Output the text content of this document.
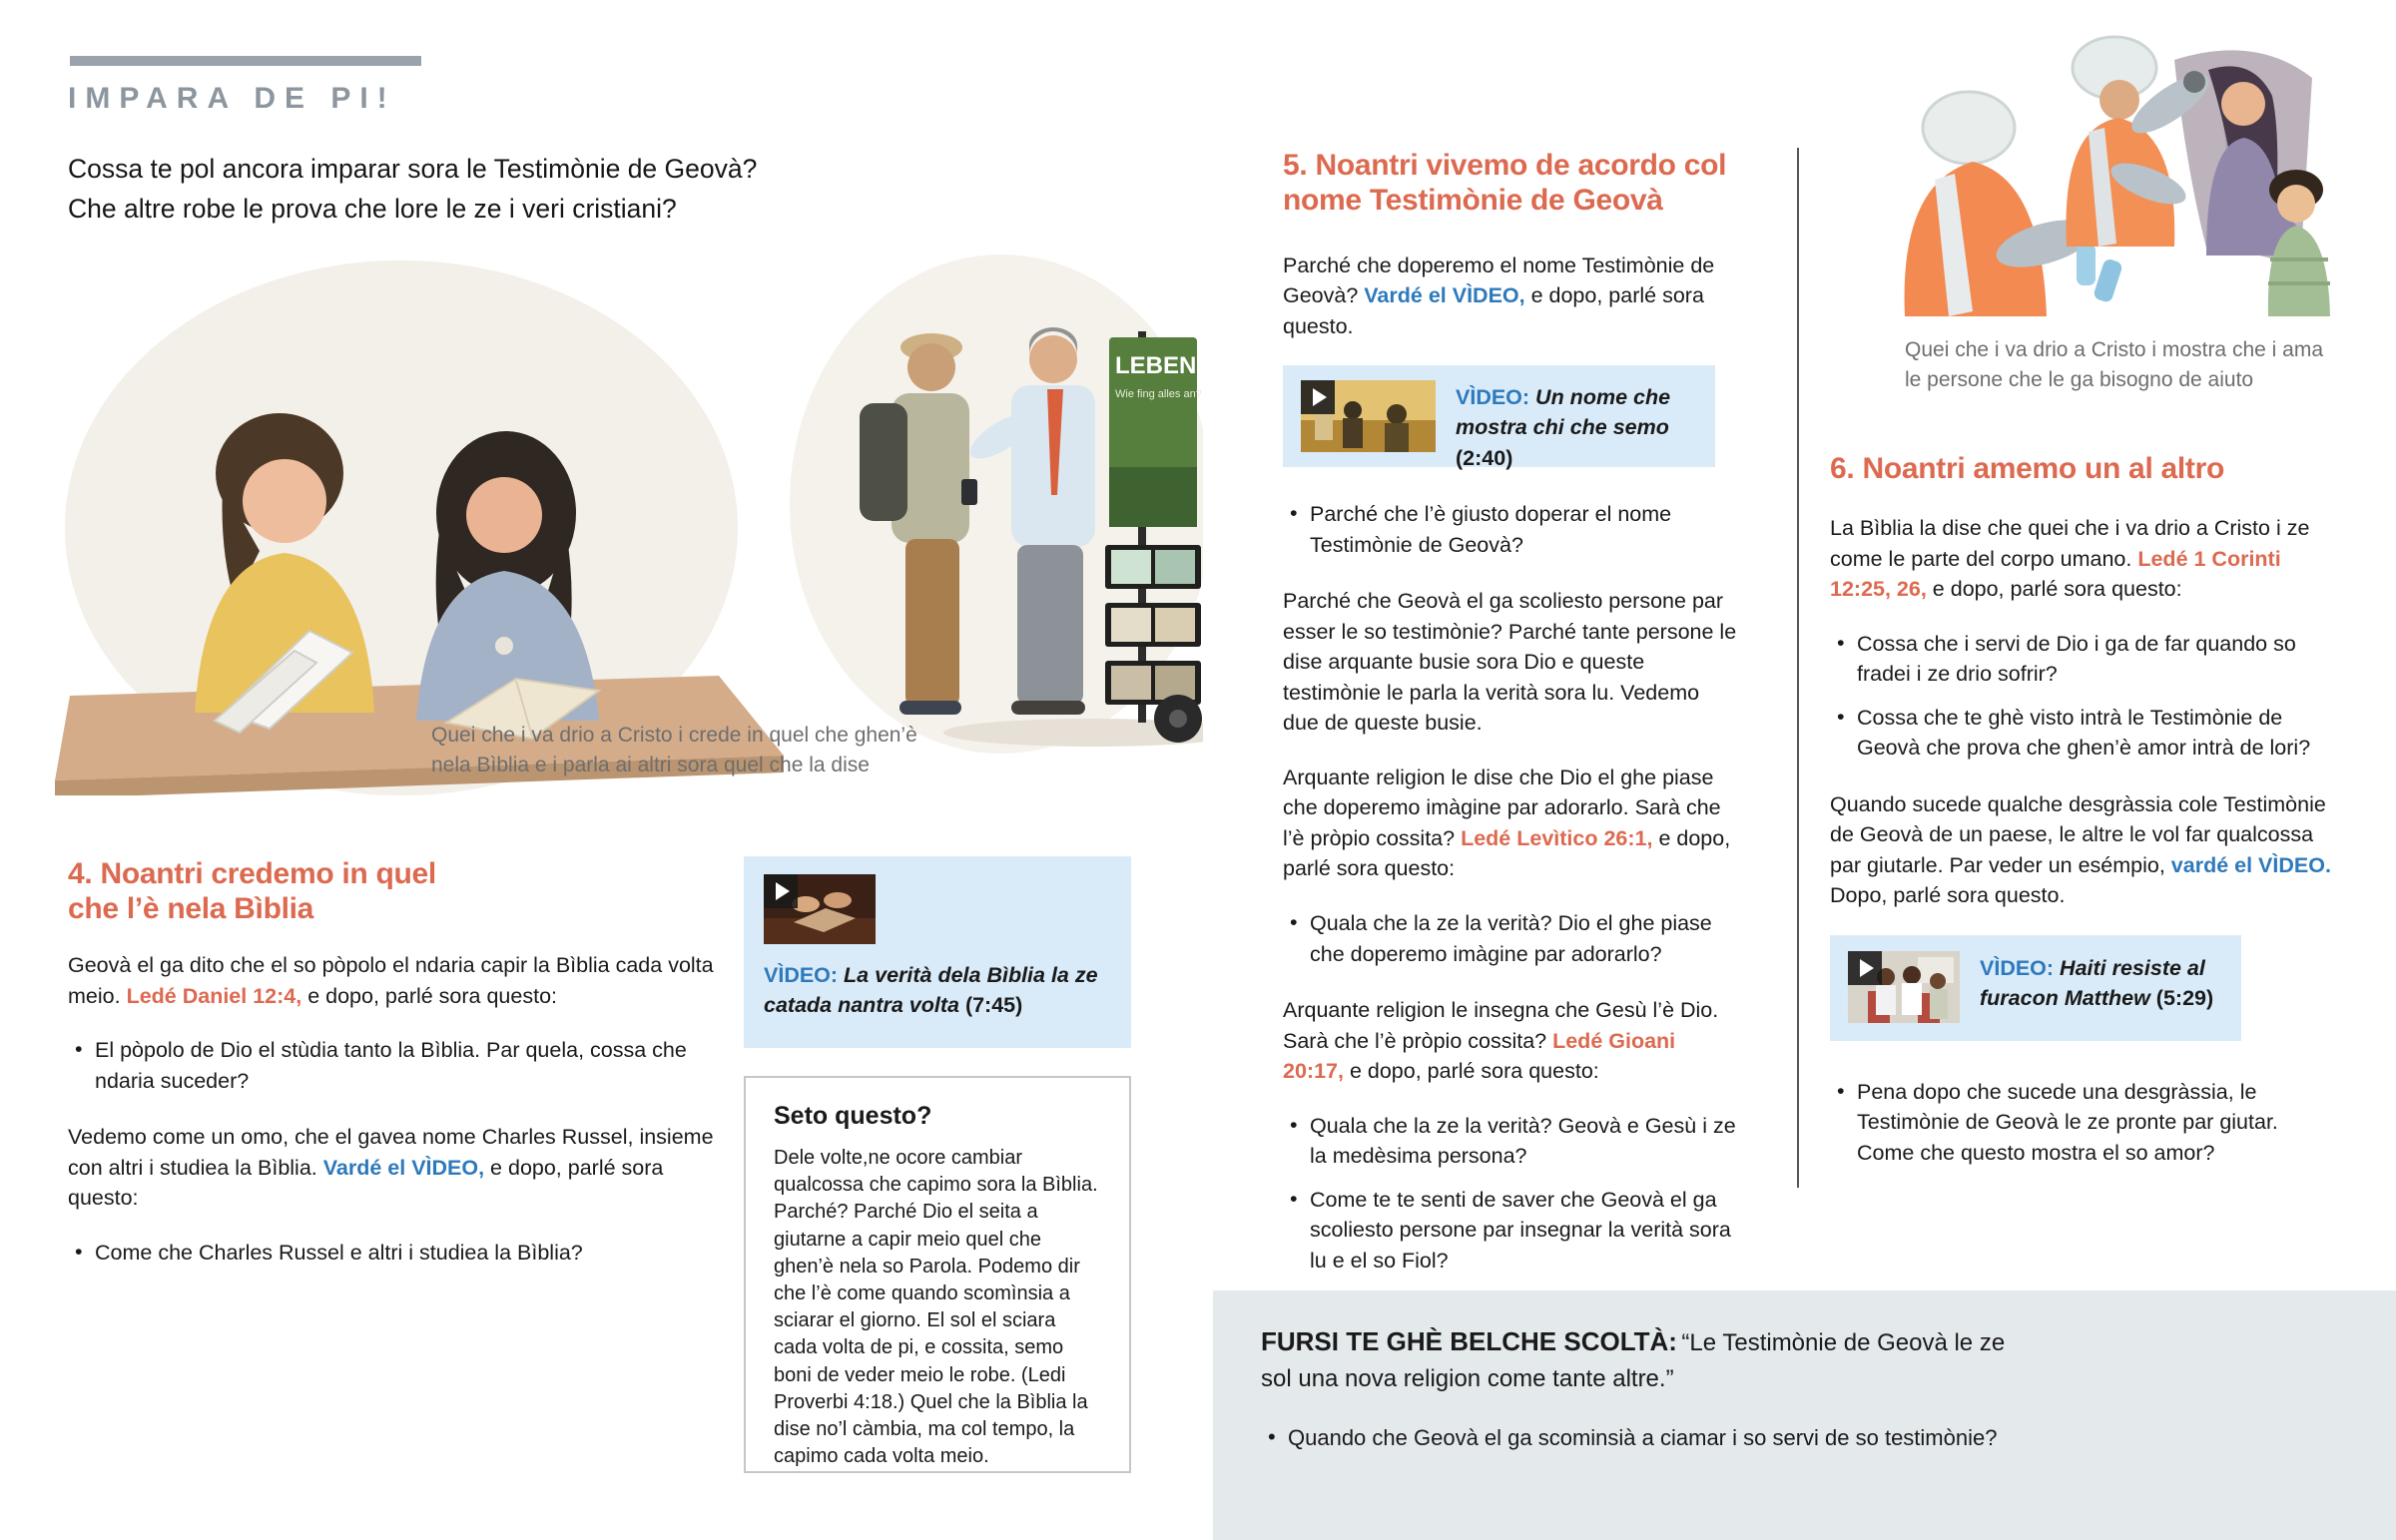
IMPARA DE PI!
Cossa te pol ancora imparar sora le Testimònie de Geovà?
Che altre robe le prova che lore le ze i veri cristiani?
LEBEN
Wie fing alles an?
Quei che i va drio a Cristo i crede in quel che ghen’è nela Bìblia e i parla ai altri sora quel che la dise
4. Noantri credemo in quel che l’è nela Bìblia

Geovà el ga dito che el so pòpolo el ndaria capir la Bìblia cada volta meio. Ledé Daniel 12:4, e dopo, parlé sora questo:

• El pòpolo de Dio el stùdia tanto la Bìblia. Par quela, cossa che ndaria suceder?

Vedemo come un omo, che el gavea nome Charles Russel, insieme con altri i studiea la Bìblia. Vardé el VÌDEO, e dopo, parlé sora questo:

• Come che Charles Russel e altri i studiea la Bìblia?
VÌDEO: La verità dela Bìblia la ze catada nantra volta (7:45)
Seto questo?
Dele volte,ne ocore cambiar qualcossa che capimo sora la Bìblia. Parché? Parché Dio el seita a giutarne a capir meio quel che ghen’è nela so Parola. Podemo dir che l’è come quando scomìnsia a sciarar el giorno. El sol el sciara cada volta de pi, e cossita, semo boni de veder meio le robe. (Ledi Proverbi 4:18.) Quel che la Bìblia la dise no’l càmbia, ma col tempo, la capimo cada volta meio.
5. Noantri vivemo de acordo col nome Testimònie de Geovà

Parché che doperemo el nome Testimònie de Geovà? Vardé el VÌDEO, e dopo, parlé sora questo.

VÌDEO: Un nome che mostra chi che semo (2:40)
• Parché che l’è giusto doperar el nome Testimònie de Geovà?

Parché che Geovà el ga scoliesto persone par esser le so testimònie? Parché tante persone le dise arquante busie sora Dio e queste testimònie le parla la verità sora lu. Vedemo due de queste busie.

Arquante religion le dise che Dio el ghe piase che doperemo imàgine par adorarlo. Sarà che l’è pròpio cossita? Ledé Levìtico 26:1, e dopo, parlé sora questo:

• Quala che la ze la verità? Dio el ghe piase che doperemo imàgine par adorarlo?

Arquante religion le insegna che Gesù l’è Dio. Sarà che l’è pròpio cossita? Ledé Gioani 20:17, e dopo, parlé sora questo:

• Quala che la ze la verità? Geovà e Gesù i ze la medèsima persona?
• Come te te senti de saver che Geovà el ga scoliesto persone par insegnar la verità sora lu e el so Fiol?
Quei che i va drio a Cristo i mostra che i ama le persone che le ga bisogno de aiuto
6. Noantri amemo un al altro

La Bìblia la dise che quei che i va drio a Cristo i ze come le parte del corpo umano. Ledé 1 Corinti 12:25, 26, e dopo, parlé sora questo:

• Cossa che i servi de Dio i ga de far quando so fradei i ze drio sofrir?
• Cossa che te ghè visto intrà le Testimònie de Geovà che prova che ghen’è amor intrà de lori?

Quando sucede qualche desgràssia cole Testimònie de Geovà de un paese, le altre le vol far qualcossa par giutarle. Par veder un esémpio, vardé el VÌDEO. Dopo, parlé sora questo.

VÌDEO: Haiti resiste al furacon Matthew (5:29)
• Pena dopo che sucede una desgràssia, le Testimònie de Geovà le ze pronte par giutar. Come che questo mostra el so amor?

FURSI TE GHÈ BELCHE SCOLTÀ: “Le Testimònie de Geovà le ze sol una nova religion come tante altre.”

• Quando che Geovà el ga scominsià a ciamar i so servi de so testimònie?
